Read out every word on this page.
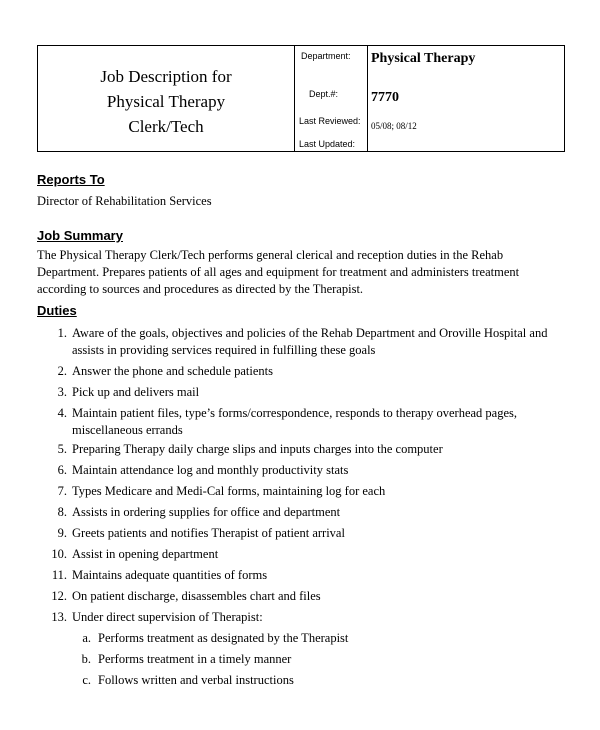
Job Description for
Physical Therapy
Clerk/Tech
Department:
Dept.#:
Last Reviewed:
Last Updated:
Physical Therapy
7770
05/08; 08/12
Reports To
Director of Rehabilitation Services
Job Summary
The Physical Therapy Clerk/Tech performs general clerical and reception duties in the Rehab Department. Prepares patients of all ages and equipment for treatment and administers treatment according to sources and procedures as directed by the Therapist.
Duties
1. Aware of the goals, objectives and policies of the Rehab Department and Oroville Hospital and assists in providing services required in fulfilling these goals
2. Answer the phone and schedule patients
3. Pick up and delivers mail
4. Maintain patient files, type’s forms/correspondence, responds to therapy overhead pages, miscellaneous errands
5. Preparing Therapy daily charge slips and inputs charges into the computer
6. Maintain attendance log and monthly productivity stats
7. Types Medicare and Medi-Cal forms, maintaining log for each
8. Assists in ordering supplies for office and department
9. Greets patients and notifies Therapist of patient arrival
10. Assist in opening department
11. Maintains adequate quantities of forms
12. On patient discharge, disassembles chart and files
13. Under direct supervision of Therapist:
a. Performs treatment as designated by the Therapist
b. Performs treatment in a timely manner
c. Follows written and verbal instructions
